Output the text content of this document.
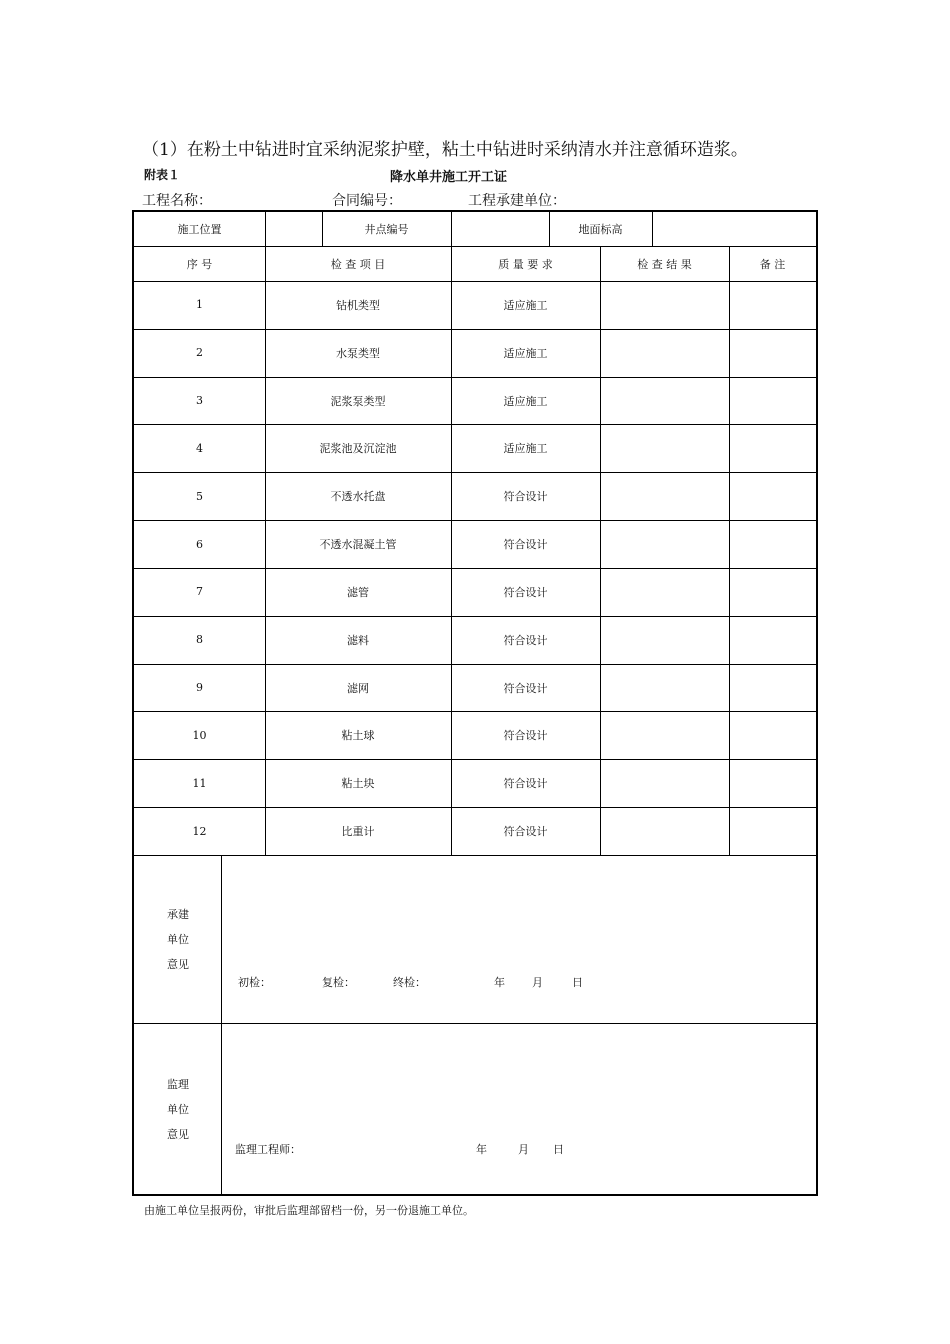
（1）在粉土中钻进时宜采纳泥浆护壁，粘土中钻进时采纳清水并注意循环造浆。
附表１	降水单井施工开工证
工程名称：	合同编号：	工程承建单位：
施工位置	井点编号	地面标高
序 号	检 查 项 目	质 量 要 求	检 查 结 果	备 注
1	钻机类型	适应施工
2	水泵类型	适应施工
3	泥浆泵类型	适应施工
4	泥浆池及沉淀池	适应施工
5	不透水托盘	符合设计
6	不透水混凝土管	符合设计
7	滤管	符合设计
8	滤料	符合设计
9	滤网	符合设计
10	粘土球	符合设计
11	粘土块	符合设计
12	比重计	符合设计
承建
单位
意见
初检：	复检：	终检：	年 月	日
监理
单位
意见
监理工程师：	年	月 日
由施工单位呈报两份，审批后监理部留档一份，另一份退施工单位。
